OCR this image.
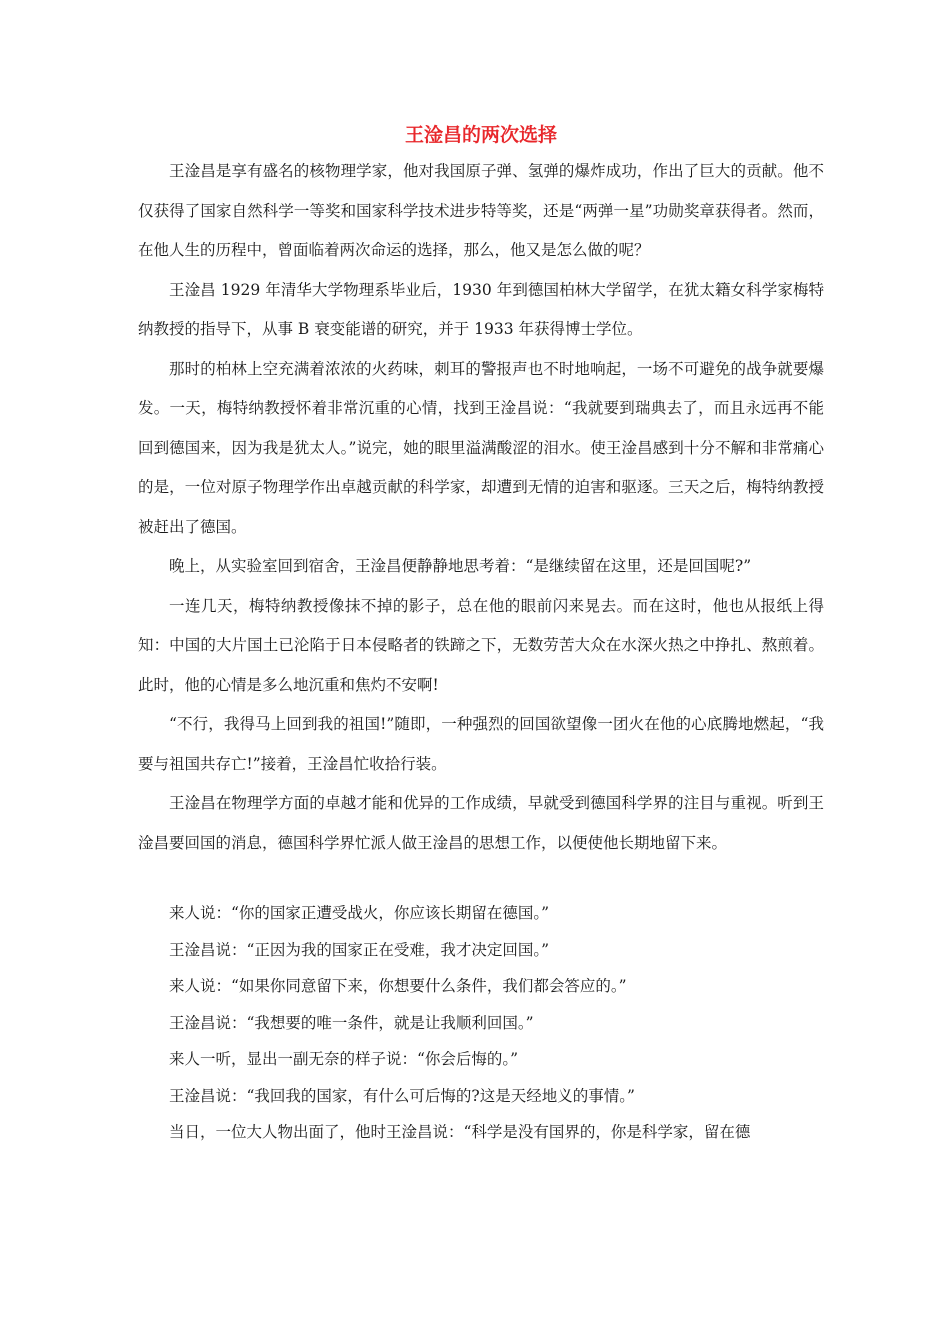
王淦昌的两次选择

王淦昌是享有盛名的核物理学家，他对我国原子弹、氢弹的爆炸成功，作出了巨大的贡献。他不仅获得了国家自然科学一等奖和国家科学技术进步特等奖，还是“两弹一星”功勋奖章获得者。然而，在他人生的历程中，曾面临着两次命运的选择，那么，他又是怎么做的呢？

王淦昌 1929 年清华大学物理系毕业后，1930 年到德国柏林大学留学，在犹太籍女科学家梅特纳教授的指导下，从事 B 衰变能谱的研究，并于 1933 年获得博士学位。

那时的柏林上空充满着浓浓的火药味，刺耳的警报声也不时地响起，一场不可避免的战争就要爆发。一天，梅特纳教授怀着非常沉重的心情，找到王淦昌说：“我就要到瑞典去了，而且永远再不能回到德国来，因为我是犹太人。”说完，她的眼里溢满酸涩的泪水。使王淦昌感到十分不解和非常痛心的是，一位对原子物理学作出卓越贡献的科学家，却遭到无情的迫害和驱逐。三天之后，梅特纳教授被赶出了德国。

晚上，从实验室回到宿舍，王淦昌便静静地思考着：“是继续留在这里，还是回国呢?”

一连几天，梅特纳教授像抹不掉的影子，总在他的眼前闪来晃去。而在这时，他也从报纸上得知：中国的大片国土已沦陷于日本侵略者的铁蹄之下，无数劳苦大众在水深火热之中挣扎、熬煎着。此时，他的心情是多么地沉重和焦灼不安啊!

“不行，我得马上回到我的祖国!”随即，一种强烈的回国欲望像一团火在他的心底腾地燃起，“我要与祖国共存亡!”接着，王淦昌忙收拾行装。

王淦昌在物理学方面的卓越才能和优异的工作成绩，早就受到德国科学界的注目与重视。听到王淦昌要回国的消息，德国科学界忙派人做王淦昌的思想工作，以便使他长期地留下来。

来人说：“你的国家正遭受战火，你应该长期留在德国。”

王淦昌说：“正因为我的国家正在受难，我才决定回国。”

来人说：“如果你同意留下来，你想要什么条件，我们都会答应的。”

王淦昌说：“我想要的唯一条件，就是让我顺利回国。”

来人一听，显出一副无奈的样子说：“你会后悔的。”

王淦昌说：“我回我的国家，有什么可后悔的?这是天经地义的事情。”

当日，一位大人物出面了，他时王淦昌说：“科学是没有国界的，你是科学家，留在德
